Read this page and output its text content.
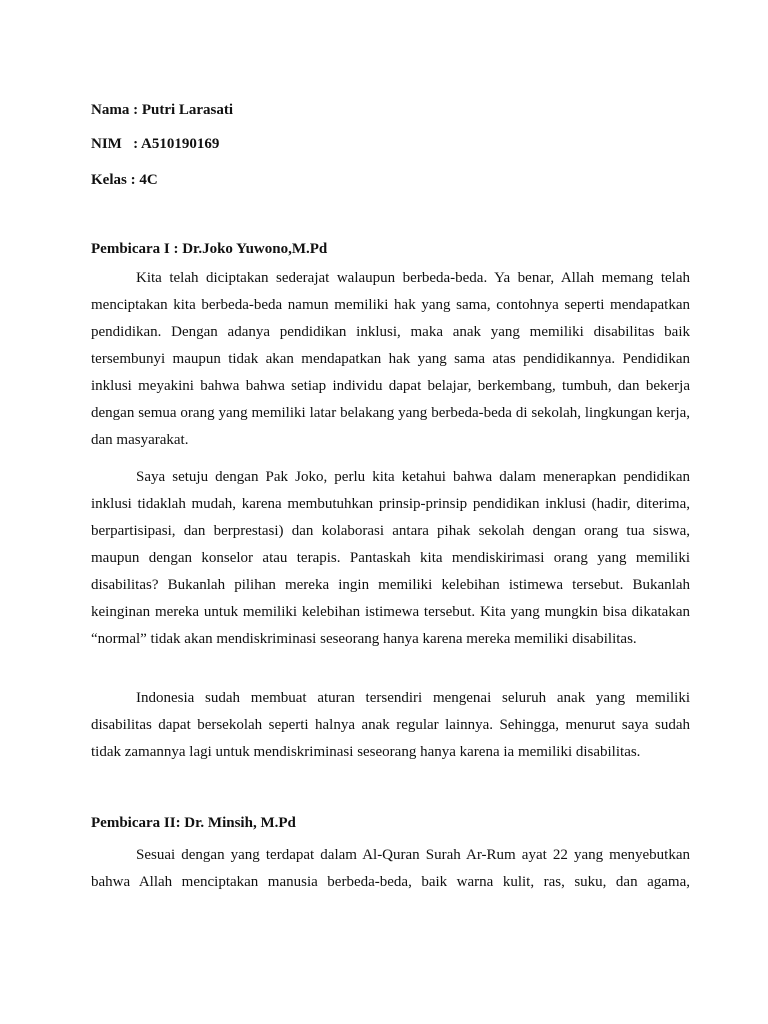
Nama : Putri Larasati
NIM   : A510190169
Kelas : 4C
Pembicara I : Dr.Joko Yuwono,M.Pd

Kita telah diciptakan sederajat walaupun berbeda-beda. Ya benar, Allah memang telah menciptakan kita berbeda-beda namun memiliki hak yang sama, contohnya seperti mendapatkan pendidikan. Dengan adanya pendidikan inklusi, maka anak yang memiliki disabilitas baik tersembunyi maupun tidak akan mendapatkan hak yang sama atas pendidikannya. Pendidikan inklusi meyakini bahwa bahwa setiap individu dapat belajar, berkembang, tumbuh, dan bekerja dengan semua orang yang memiliki latar belakang yang berbeda-beda di sekolah, lingkungan kerja, dan masyarakat.

Saya setuju dengan Pak Joko, perlu kita ketahui bahwa dalam menerapkan pendidikan inklusi tidaklah mudah, karena membutuhkan prinsip-prinsip pendidikan inklusi (hadir, diterima, berpartisipasi, dan berprestasi) dan kolaborasi antara pihak sekolah dengan orang tua siswa, maupun dengan konselor atau terapis. Pantaskah kita mendiskirimasi orang yang memiliki disabilitas? Bukanlah pilihan mereka ingin memiliki kelebihan istimewa tersebut. Bukanlah keinginan mereka untuk memiliki kelebihan istimewa tersebut. Kita yang mungkin bisa dikatakan “normal” tidak akan mendiskriminasi seseorang hanya karena mereka memiliki disabilitas.

Indonesia sudah membuat aturan tersendiri mengenai seluruh anak yang memiliki disabilitas dapat bersekolah seperti halnya anak regular lainnya. Sehingga, menurut saya sudah tidak zamannya lagi untuk mendiskriminasi seseorang hanya karena ia memiliki disabilitas.

Pembicara II: Dr. Minsih, M.Pd

Sesuai dengan yang terdapat dalam Al-Quran Surah Ar-Rum ayat 22 yang menyebutkan bahwa Allah menciptakan manusia berbeda-beda, baik warna kulit, ras, suku, dan agama,
